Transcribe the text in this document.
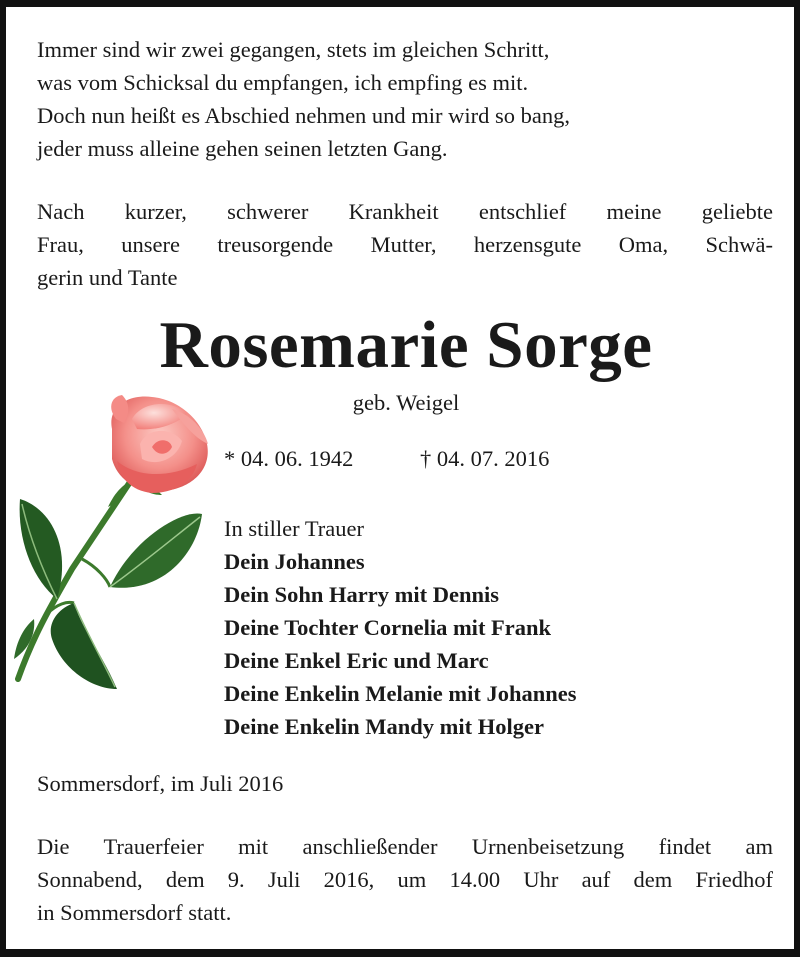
Immer sind wir zwei gegangen, stets im gleichen Schritt,
was vom Schicksal du empfangen, ich empfing es mit.
Doch nun heißt es Abschied nehmen und mir wird so bang,
jeder muss alleine gehen seinen letzten Gang.
Nach kurzer, schwerer Krankheit entschlief meine geliebte
Frau, unsere treusorgende Mutter, herzensgute Oma, Schwä-
gerin und Tante
Rosemarie Sorge
geb. Weigel
* 04. 06. 1942	† 04. 07. 2016
In stiller Trauer
Dein Johannes
Dein Sohn Harry mit Dennis
Deine Tochter Cornelia mit Frank
Deine Enkel Eric und Marc
Deine Enkelin Melanie mit Johannes
Deine Enkelin Mandy mit Holger
Sommersdorf, im Juli 2016
Die Trauerfeier mit anschließender Urnenbeisetzung findet am
Sonnabend, dem 9. Juli 2016, um 14.00 Uhr auf dem Friedhof
in Sommersdorf statt.
